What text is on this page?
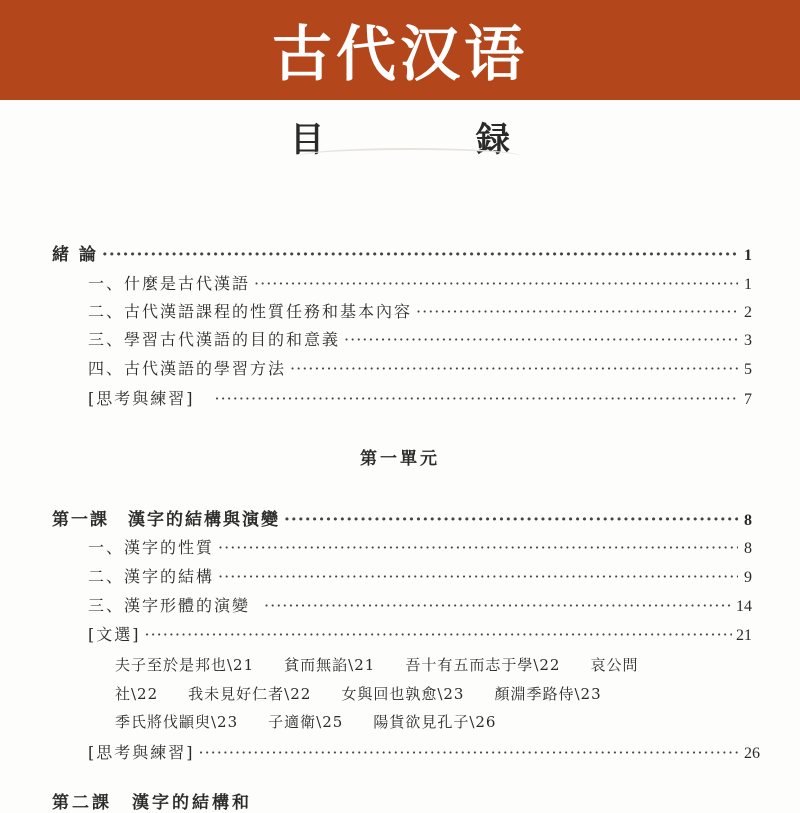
古代汉语
目 録
緒 論 ·····	1
一、什麼是古代漢語 ·····	1
二、古代漢語課程的性質任務和基本內容 ·····	2
三、學習古代漢語的目的和意義 ·····	3
四、古代漢語的學習方法 ·····	5
[思考與練習] ·····	7
第一單元
第一課　漢字的結構與演變 ·····	8
一、漢字的性質 ·····	8
二、漢字的結構 ·····	9
三、漢字形體的演變 ·····	14
[文選] ·····	21
夫子至於是邦也\21 貧而無諂\21 吾十有五而志于學\22 哀公問
社\22 我未見好仁者\22 女與回也孰愈\23 顏淵季路侍\23
季氏將伐顓臾\23 子適衛\25 陽貨欲見孔子\26
[思考與練習] ·····	26
第二課　漢字的結構和
